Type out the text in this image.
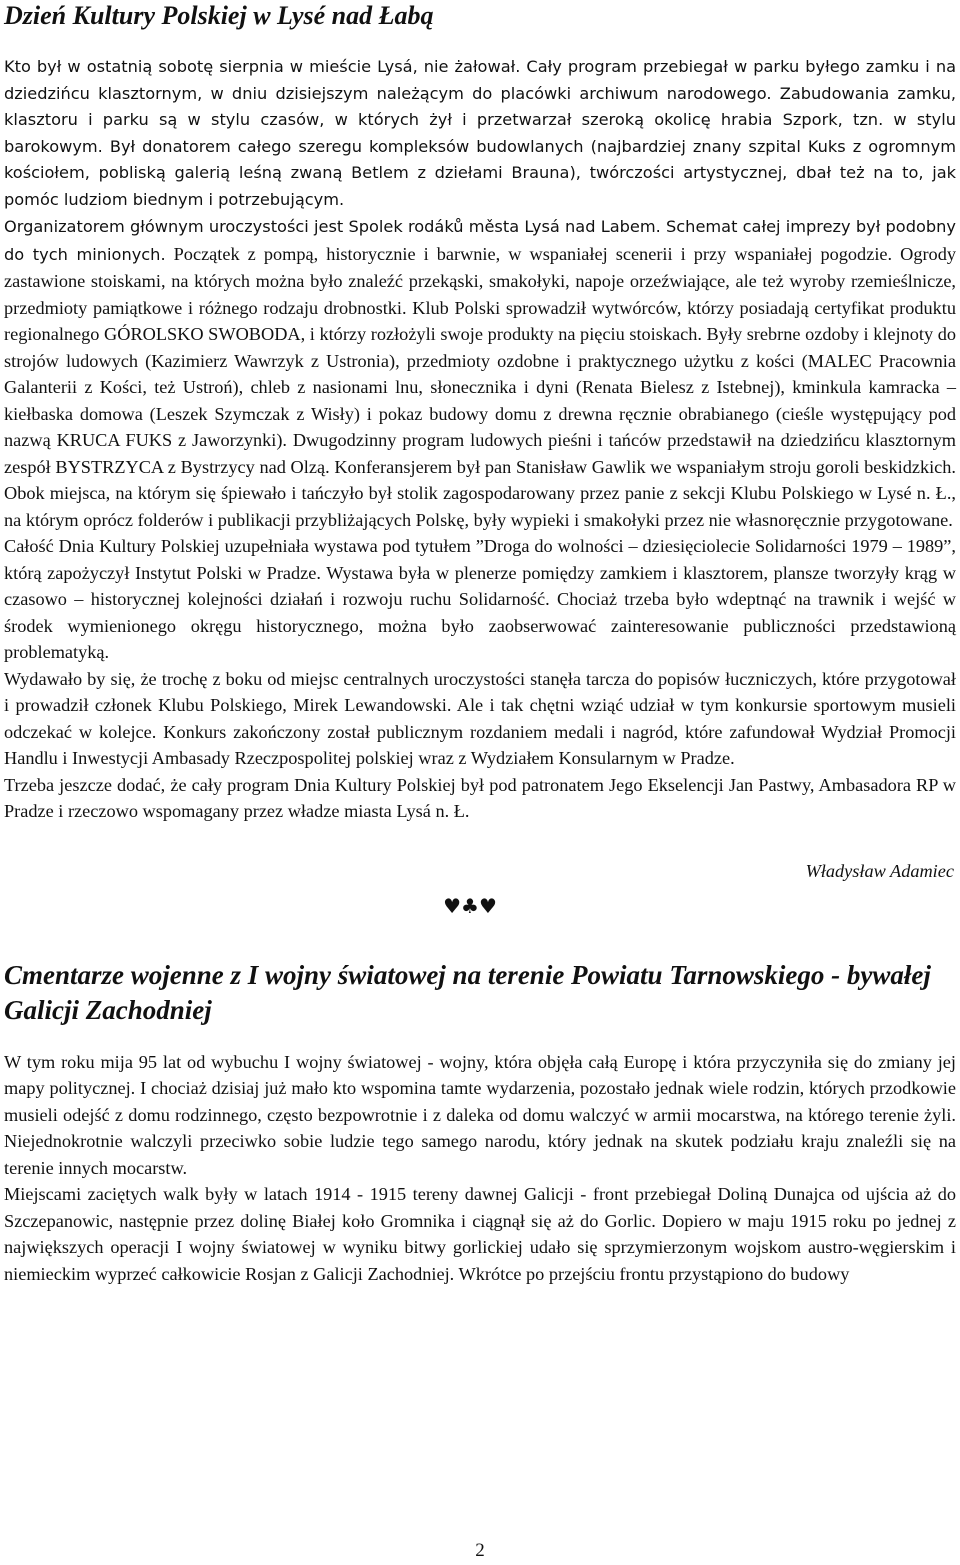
Dzień Kultury Polskiej w Lysé nad Łabą

Kto był w ostatnią sobotę sierpnia w mieście Lysá, nie żałował. Cały program przebiegał w parku byłego zamku i na dziedzińcu klasztornym, w dniu dzisiejszym należącym do placówki archiwum narodowego. Zabudowania zamku, klasztoru i parku są w stylu czasów, w których żył i przetwarzał szeroką okolicę hrabia Szpork, tzn. w stylu barokowym. Był donatorem całego szeregu kompleksów budowlanych (najbardziej znany szpital Kuks z ogromnym kościołem, pobliską galerią leśną zwaną Betlem z dziełami Brauna), twórczości artystycznej, dbał też na to, jak pomóc ludziom biednym i potrzebującym.

Organizatorem głównym uroczystości jest Spolek rodáků města Lysá nad Labem. Schemat całej imprezy był podobny do tych minionych. Początek z pompą, historycznie i barwnie, w wspaniałej scenerii i przy wspaniałej pogodzie. Ogrody zastawione stoiskami, na których można było znaleźć przekąski, smakołyki, napoje orzeźwiające, ale też wyroby rzemieślnicze, przedmioty pamiątkowe i różnego rodzaju drobnostki. Klub Polski sprowadził wytwórców, którzy posiadają certyfikat produktu regionalnego GÓROLSKO SWOBODA, i którzy rozłożyli swoje produkty na pięciu stoiskach. Były srebrne ozdoby i klejnoty do strojów ludowych (Kazimierz Wawrzyk z Ustronia), przedmioty ozdobne i praktycznego użytku z kości (MALEC Pracownia Galanterii z Kości, też Ustroń), chleb z nasionami lnu, słonecznika i dyni (Renata Bielesz z Istebnej), kminkula kamracka – kiełbaska domowa (Leszek Szymczak z Wisły) i pokaz budowy domu z drewna ręcznie obrabianego (cieśle występujący pod nazwą KRUCA FUKS z Jaworzynki). Dwugodzinny program ludowych pieśni i tańców przedstawił na dziedzińcu klasztornym zespół BYSTRZYCA z Bystrzycy nad Olzą. Konferansjerem był pan Stanisław Gawlik we wspaniałym stroju goroli beskidzkich. Obok miejsca, na którym się śpiewało i tańczyło był stolik zagospodarowany przez panie z sekcji Klubu Polskiego w Lysé n. Ł., na którym oprócz folderów i publikacji przybliżających Polskę, były wypieki i smakołyki przez nie własnoręcznie przygotowane.

Całość Dnia Kultury Polskiej uzupełniała wystawa pod tytułem ”Droga do wolności – dziesięciolecie Solidarności 1979 – 1989”, którą zapożyczył Instytut Polski w Pradze. Wystawa była w plenerze pomiędzy zamkiem i klasztorem, plansze tworzyły krąg w czasowo – historycznej kolejności działań i rozwoju ruchu Solidarność. Chociaż trzeba było wdeptnąć na trawnik i wejść w środek wymienionego okręgu historycznego, można było zaobserwować zainteresowanie publiczności przedstawioną problematyką.

Wydawało by się, że trochę z boku od miejsc centralnych uroczystości stanęła tarcza do popisów łuczniczych, które przygotował i prowadził członek Klubu Polskiego, Mirek Lewandowski. Ale i tak chętni wziąć udział w tym konkursie sportowym musieli odczekać w kolejce. Konkurs zakończony został publicznym rozdaniem medali i nagród, które zafundował Wydział Promocji Handlu i Inwestycji Ambasady Rzeczpospolitej polskiej wraz z Wydziałem Konsularnym w Pradze.

Trzeba jeszcze dodać, że cały program Dnia Kultury Polskiej był pod patronatem Jego Ekselencji Jan Pastwy, Ambasadora RP w Pradze i rzeczowo wspomagany przez władze miasta Lysá n. Ł.

Władysław Adamiec
♥♣♥
Cmentarze wojenne z I wojny światowej na terenie Powiatu Tarnowskiego - bywałej Galicji Zachodniej

W tym roku mija 95 lat od wybuchu I wojny światowej - wojny, która objęła całą Europę i która przyczyniła się do zmiany jej mapy politycznej. I chociaż dzisiaj już mało kto wspomina tamte wydarzenia, pozostało jednak wiele rodzin, których przodkowie musieli odejść z domu rodzinnego, często bezpowrotnie i z daleka od domu walczyć w armii mocarstwa, na którego terenie żyli. Niejednokrotnie walczyli przeciwko sobie ludzie tego samego narodu, który jednak na skutek podziału kraju znaleźli się na terenie innych mocarstw.

Miejscami zaciętych walk były w latach 1914 - 1915 tereny dawnej Galicji - front przebiegał Doliną Dunajca od ujścia aż do Szczepanowic, następnie przez dolinę Białej koło Gromnika i ciągnął się aż do Gorlic. Dopiero w maju 1915 roku po jednej z największych operacji I wojny światowej w wyniku bitwy gorlickiej udało się sprzymierzonym wojskom austro-węgierskim i niemieckim wyprzeć całkowicie Rosjan z Galicji Zachodniej. Wkrótce po przejściu frontu przystąpiono do budowy

2
